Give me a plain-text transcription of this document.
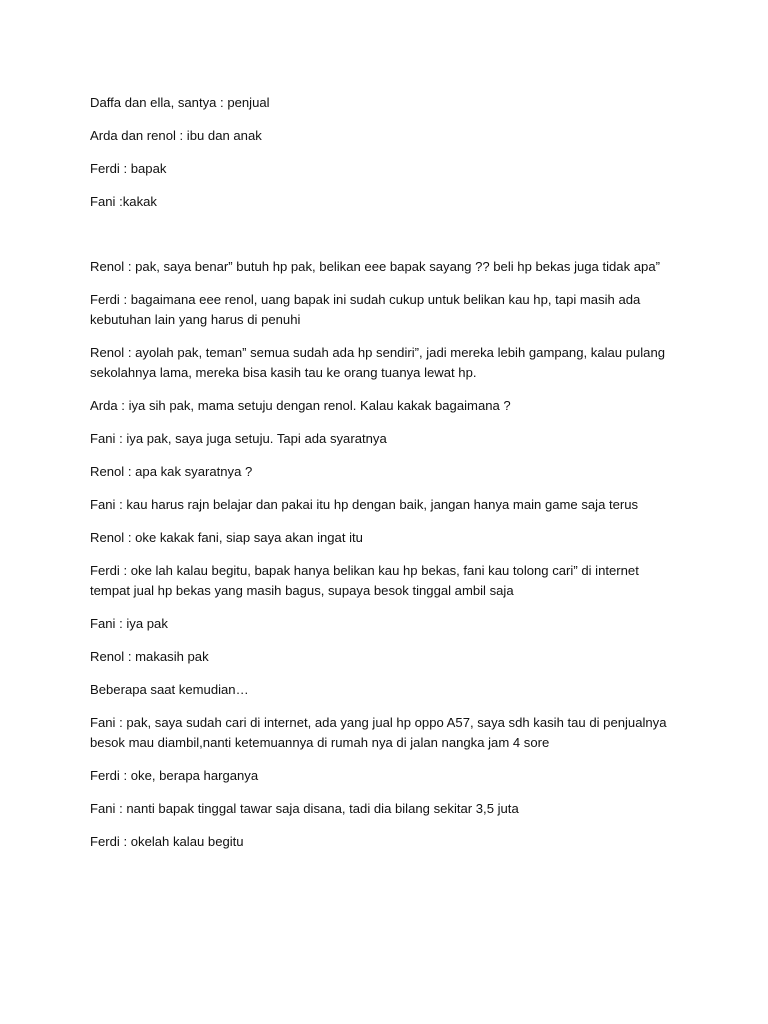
Daffa dan ella, santya : penjual

Arda dan renol : ibu dan anak

Ferdi : bapak

Fani :kakak

Renol : pak, saya benar” butuh hp pak, belikan eee bapak sayang ?? beli hp bekas juga tidak apa”

Ferdi : bagaimana eee renol, uang bapak ini sudah cukup untuk belikan kau hp, tapi masih ada kebutuhan lain yang harus di penuhi

Renol : ayolah pak, teman” semua sudah ada hp sendiri”, jadi mereka lebih gampang, kalau pulang sekolahnya lama, mereka bisa kasih tau ke orang tuanya lewat hp.

Arda : iya sih pak, mama setuju dengan renol. Kalau kakak bagaimana ?

Fani : iya pak, saya juga setuju. Tapi ada syaratnya

Renol : apa kak syaratnya ?

Fani : kau harus rajn belajar dan pakai itu hp dengan baik, jangan hanya main game saja terus

Renol : oke kakak fani, siap saya akan ingat itu

Ferdi : oke lah kalau begitu, bapak hanya belikan kau hp bekas, fani kau tolong cari” di internet tempat jual hp bekas yang masih bagus, supaya besok tinggal ambil saja

Fani : iya pak

Renol : makasih pak

Beberapa saat kemudian…

Fani : pak, saya sudah cari di internet, ada yang jual hp oppo A57, saya sdh kasih tau di penjualnya besok mau diambil,nanti ketemuannya di rumah nya di jalan nangka jam 4 sore

Ferdi : oke, berapa harganya

Fani : nanti bapak tinggal tawar saja disana, tadi dia bilang sekitar 3,5 juta

Ferdi : okelah kalau begitu
